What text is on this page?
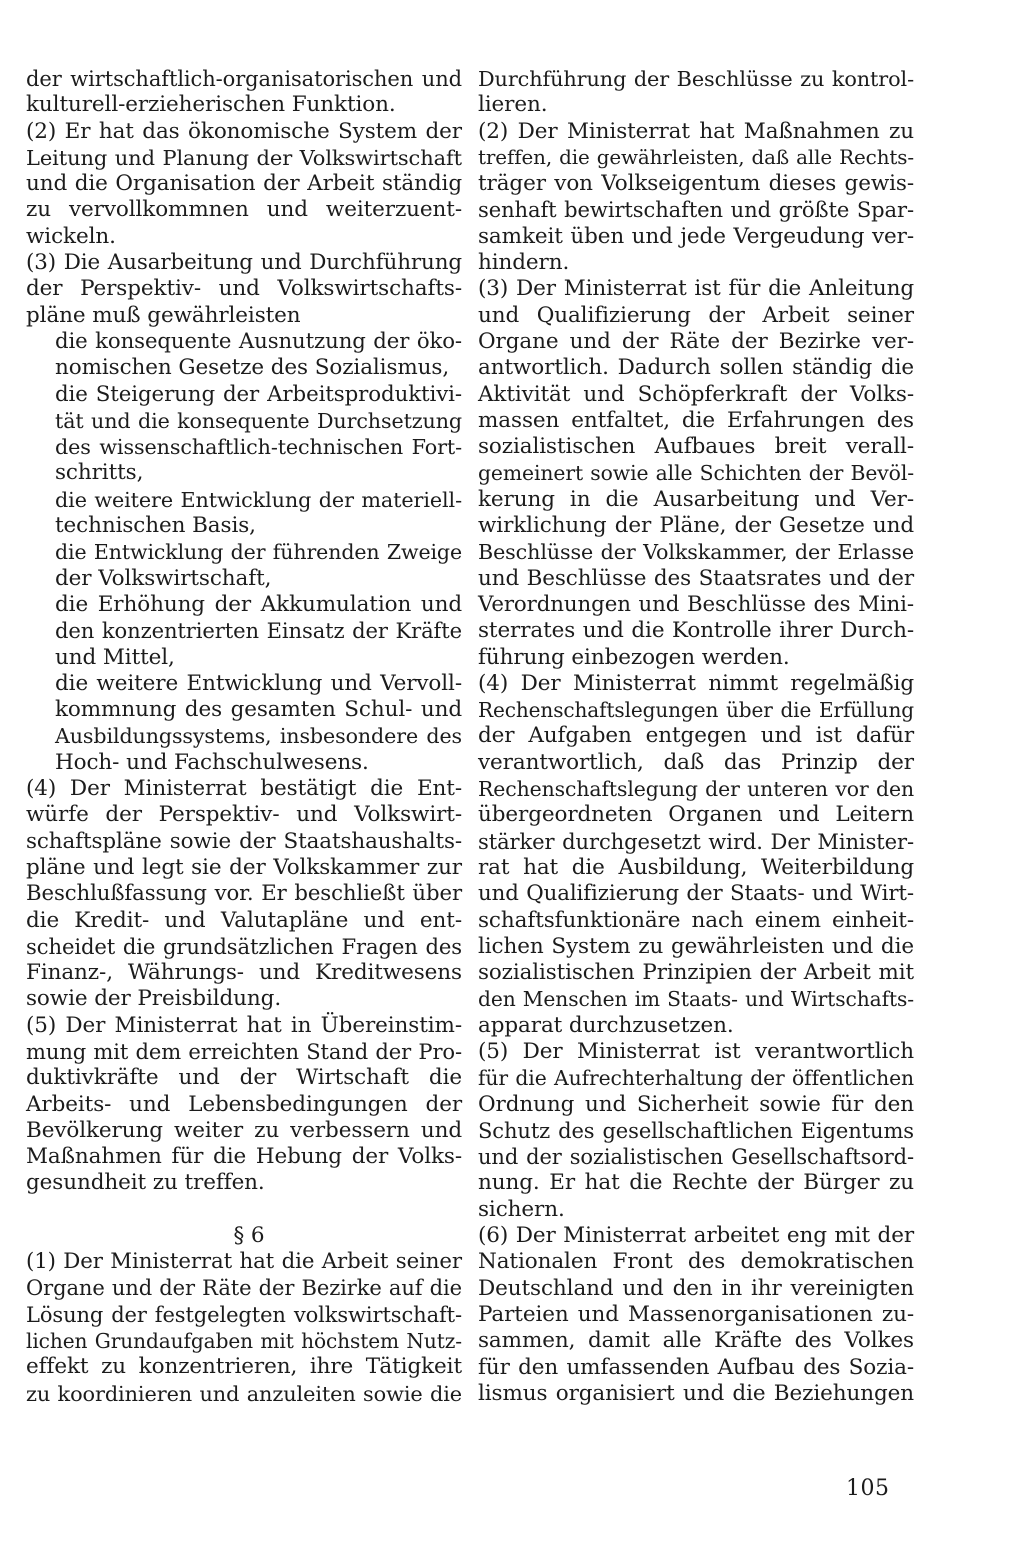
der wirtschaftlich-organisatorischen und
kulturell-erzieherischen Funktion.
(2) Er hat das ökonomische System der
Leitung und Planung der Volkswirtschaft
und die Organisation der Arbeit ständig
zu vervollkommnen und weiterzuent-
wickeln.
(3) Die Ausarbeitung und Durchführung
der Perspektiv- und Volkswirtschafts-
pläne muß gewährleisten
die konsequente Ausnutzung der öko-
nomischen Gesetze des Sozialismus,
die Steigerung der Arbeitsproduktivi-
tät und die konsequente Durchsetzung
des wissenschaftlich-technischen Fort-
schritts,
die weitere Entwicklung der materiell-
technischen Basis,
die Entwicklung der führenden Zweige
der Volkswirtschaft,
die Erhöhung der Akkumulation und
den konzentrierten Einsatz der Kräfte
und Mittel,
die weitere Entwicklung und Vervoll-
kommnung des gesamten Schul- und
Ausbildungssystems, insbesondere des
Hoch- und Fachschulwesens.
(4) Der Ministerrat bestätigt die Ent-
würfe der Perspektiv- und Volkswirt-
schaftspläne sowie der Staatshaushalts-
pläne und legt sie der Volkskammer zur
Beschlußfassung vor. Er beschließt über
die Kredit- und Valutapläne und ent-
scheidet die grundsätzlichen Fragen des
Finanz-, Währungs- und Kreditwesens
sowie der Preisbildung.
(5) Der Ministerrat hat in Übereinstim-
mung mit dem erreichten Stand der Pro-
duktivkräfte und der Wirtschaft die
Arbeits- und Lebensbedingungen der
Bevölkerung weiter zu verbessern und
Maßnahmen für die Hebung der Volks-
gesundheit zu treffen.
§ 6
(1) Der Ministerrat hat die Arbeit seiner
Organe und der Räte der Bezirke auf die
Lösung der festgelegten volkswirtschaft-
lichen Grundaufgaben mit höchstem Nutz-
effekt zu konzentrieren, ihre Tätigkeit
zu koordinieren und anzuleiten sowie die
Durchführung der Beschlüsse zu kontrol-
lieren.
(2) Der Ministerrat hat Maßnahmen zu
treffen, die gewährleisten, daß alle Rechts-
träger von Volkseigentum dieses gewis-
senhaft bewirtschaften und größte Spar-
samkeit üben und jede Vergeudung ver-
hindern.
(3) Der Ministerrat ist für die Anleitung
und Qualifizierung der Arbeit seiner
Organe und der Räte der Bezirke ver-
antwortlich. Dadurch sollen ständig die
Aktivität und Schöpferkraft der Volks-
massen entfaltet, die Erfahrungen des
sozialistischen Aufbaues breit verall-
gemeinert sowie alle Schichten der Bevöl-
kerung in die Ausarbeitung und Ver-
wirklichung der Pläne, der Gesetze und
Beschlüsse der Volkskammer, der Erlasse
und Beschlüsse des Staatsrates und der
Verordnungen und Beschlüsse des Mini-
sterrates und die Kontrolle ihrer Durch-
führung einbezogen werden.
(4) Der Ministerrat nimmt regelmäßig
Rechenschaftslegungen über die Erfüllung
der Aufgaben entgegen und ist dafür
verantwortlich, daß das Prinzip der
Rechenschaftslegung der unteren vor den
übergeordneten Organen und Leitern
stärker durchgesetzt wird. Der Minister-
rat hat die Ausbildung, Weiterbildung
und Qualifizierung der Staats- und Wirt-
schaftsfunktionäre nach einem einheit-
lichen System zu gewährleisten und die
sozialistischen Prinzipien der Arbeit mit
den Menschen im Staats- und Wirtschafts-
apparat durchzusetzen.
(5) Der Ministerrat ist verantwortlich
für die Aufrechterhaltung der öffentlichen
Ordnung und Sicherheit sowie für den
Schutz des gesellschaftlichen Eigentums
und der sozialistischen Gesellschaftsord-
nung. Er hat die Rechte der Bürger zu
sichern.
(6) Der Ministerrat arbeitet eng mit der
Nationalen Front des demokratischen
Deutschland und den in ihr vereinigten
Parteien und Massenorganisationen zu-
sammen, damit alle Kräfte des Volkes
für den umfassenden Aufbau des Sozia-
lismus organisiert und die Beziehungen
105
